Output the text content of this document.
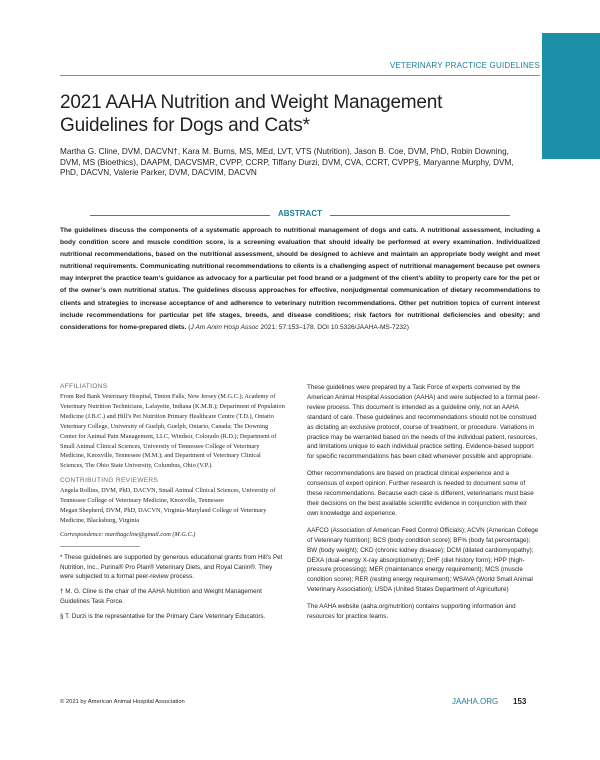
VETERINARY PRACTICE GUIDELINES
2021 AAHA Nutrition and Weight Management Guidelines for Dogs and Cats*
Martha G. Cline, DVM, DACVN†, Kara M. Burns, MS, MEd, LVT, VTS (Nutrition), Jason B. Coe, DVM, PhD, Robin Downing, DVM, MS (Bioethics), DAAPM, DACVSMR, CVPP, CCRP, Tiffany Durzi, DVM, CVA, CCRT, CVPP§, Maryanne Murphy, DVM, PhD, DACVN, Valerie Parker, DVM, DACVIM, DACVN
ABSTRACT

The guidelines discuss the components of a systematic approach to nutritional management of dogs and cats. A nutritional assessment, including a body condition score and muscle condition score, is a screening evaluation that should ideally be performed at every examination. Individualized nutritional recommendations, based on the nutritional assessment, should be designed to achieve and maintain an appropriate body weight and meet nutritional requirements. Communicating nutritional recommendations to clients is a challenging aspect of nutritional management because pet owners may interpret the practice team’s guidance as advocacy for a particular pet food brand or a judgment of the client’s ability to properly care for the pet or of the owner’s own nutritional status. The guidelines discuss approaches for effective, nonjudgmental communication of dietary recommendations to clients and strategies to increase acceptance of and adherence to veterinary nutrition recommendations. Other pet nutrition topics of current interest include recommendations for particular pet life stages, breeds, and disease conditions; risk factors for nutritional deficiencies and obesity; and considerations for home-prepared diets. (J Am Anim Hosp Assoc 2021; 57:153–178. DOI 10.5326/JAAHA-MS-7232)

AFFILIATIONS

From Red Bank Veterinary Hospital, Tinton Falls, New Jersey (M.G.C.); Academy of Veterinary Nutrition Technicians, Lafayette, Indiana (K.M.B.); Department of Population Medicine (J.B.C.) and Hill’s Pet Nutrition Primary Healthcare Centre (T.D.), Ontario Veterinary College, University of Guelph, Guelph, Ontario, Canada; The Downing Center for Animal Pain Management, LLC, Windsor, Colorado (R.D.); Department of Small Animal Clinical Sciences, University of Tennessee College of Veterinary Medicine, Knoxville, Tennessee (M.M.); and Department of Veterinary Clinical Sciences, The Ohio State University, Columbus, Ohio (V.P.).

CONTRIBUTING REVIEWERS

Angela Rollins, DVM, PhD, DACVN, Small Animal Clinical Sciences, University of Tennessee College of Veterinary Medicine, Knoxville, Tennessee

Megan Shepherd, DVM, PhD, DACVN, Virginia-Maryland College of Veterinary Medicine, Blacksburg, Virginia

Correspondence: marthagcline@gmail.com (M.G.C.)

* These guidelines are supported by generous educational grants from Hill’s Pet Nutrition, Inc., Purina® Pro Plan® Veterinary Diets, and Royal Canin®. They were subjected to a formal peer-review process.

† M. G. Cline is the chair of the AAHA Nutrition and Weight Management Guidelines Task Force.

§ T. Durzi is the representative for the Primary Care Veterinary Educators.

These guidelines were prepared by a Task Force of experts convened by the American Animal Hospital Association (AAHA) and were subjected to a formal peer-review process. This document is intended as a guideline only, not an AAHA standard of care. These guidelines and recommendations should not be construed as dictating an exclusive protocol, course of treatment, or procedure. Variations in practice may be warranted based on the needs of the individual patient, resources, and limitations unique to each individual practice setting. Evidence-based support for specific recommendations has been cited whenever possible and appropriate.

Other recommendations are based on practical clinical experience and a consensus of expert opinion. Further research is needed to document some of these recommendations. Because each case is different, veterinarians must base their decisions on the best available scientific evidence in conjunction with their own knowledge and experience.

AAFCO (Association of American Feed Control Officials); ACVN (American College of Veterinary Nutrition); BCS (body condition score); BF% (body fat percentage); BW (body weight); CKD (chronic kidney disease); DCM (dilated cardiomyopathy); DEXA (dual-energy X-ray absorptiometry); DHF (diet history form); HPP (high-pressure processing); MER (maintenance energy requirement); MCS (muscle condition score); RER (resting energy requirement); WSAVA (World Small Animal Veterinary Association); USDA (United States Department of Agriculture)

The AAHA website (aaha.org/nutrition) contains supporting information and resources for practice teams.

© 2021 by American Animal Hospital Association	JAAHA.ORG 153
